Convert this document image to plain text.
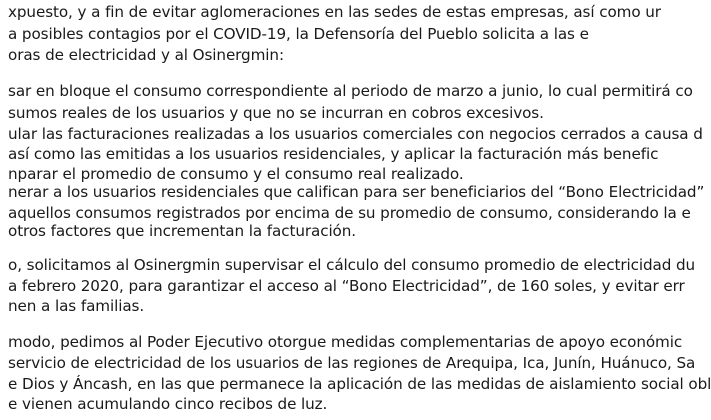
xpuesto, y a fin de evitar aglomeraciones en las sedes de estas empresas, así como ur
a posibles contagios por el COVID-19, la Defensoría del Pueblo solicita a las e
oras de electricidad y al Osinergmin:
sar en bloque el consumo correspondiente al periodo de marzo a junio, lo cual permitirá co
sumos reales de los usuarios y que no se incurran en cobros excesivos.
ular las facturaciones realizadas a los usuarios comerciales con negocios cerrados a causa d
así como las emitidas a los usuarios residenciales, y aplicar la facturación más benefic
nparar el promedio de consumo y el consumo real realizado.
nerar a los usuarios residenciales que califican para ser beneficiarios del “Bono Electricidad”
aquellos consumos registrados por encima de su promedio de consumo, considerando la e
otros factores que incrementan la facturación.
o, solicitamos al Osinergmin supervisar el cálculo del consumo promedio de electricidad du
a febrero 2020, para garantizar el acceso al “Bono Electricidad”, de 160 soles, y evitar err
nen a las familias.
modo, pedimos al Poder Ejecutivo otorgue medidas complementarias de apoyo económic
servicio de electricidad de los usuarios de las regiones de Arequipa, Ica, Junín, Huánuco, Sa
e Dios y Áncash, en las que permanece la aplicación de las medidas de aislamiento social obl
e vienen acumulando cinco recibos de luz.
